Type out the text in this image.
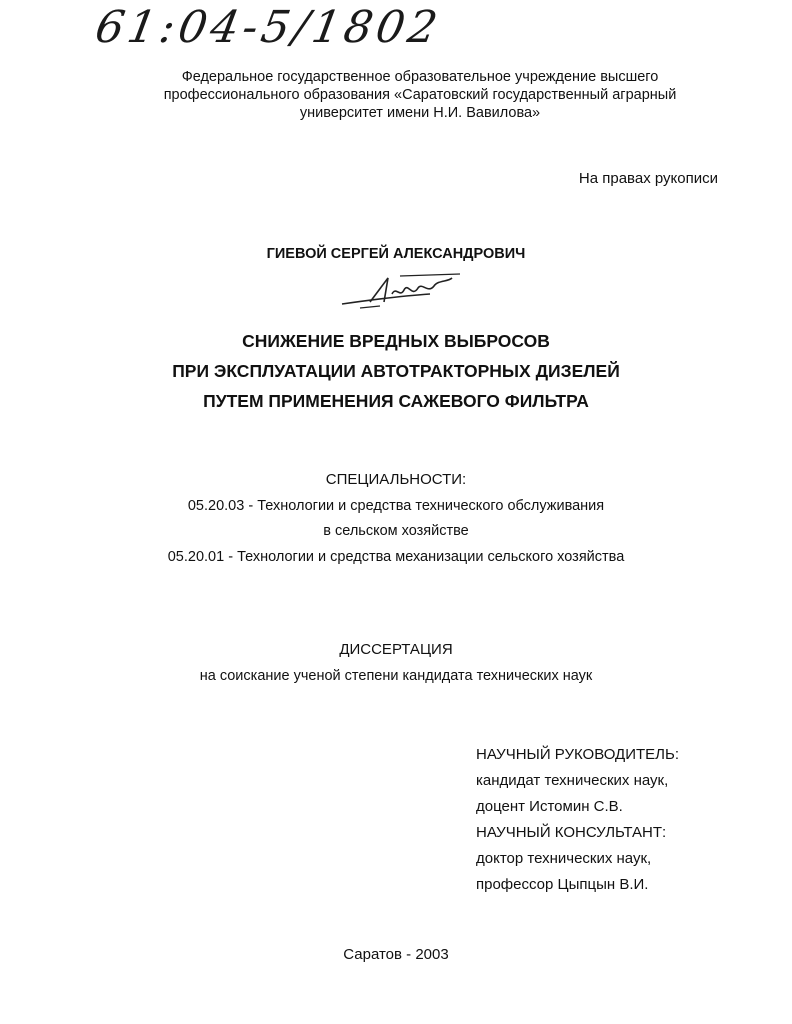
61:04-5/1802
Федеральное государственное образовательное учреждение высшего
профессионального образования «Саратовский государственный аграрный
университет имени Н.И. Вавилова»
На правах рукописи
ГИЕВОЙ СЕРГЕЙ АЛЕКСАНДРОВИЧ
СНИЖЕНИЕ ВРЕДНЫХ ВЫБРОСОВ
ПРИ ЭКСПЛУАТАЦИИ АВТОТРАКТОРНЫХ ДИЗЕЛЕЙ
ПУТЕМ ПРИМЕНЕНИЯ САЖЕВОГО ФИЛЬТРА
СПЕЦИАЛЬНОСТИ:
05.20.03 - Технологии и средства технического обслуживания
в сельском хозяйстве
05.20.01 - Технологии и средства механизации сельского хозяйства
ДИССЕРТАЦИЯ
на соискание ученой степени кандидата технических наук
НАУЧНЫЙ РУКОВОДИТЕЛЬ:
кандидат технических наук,
доцент Истомин С.В.
НАУЧНЫЙ КОНСУЛЬТАНТ:
доктор технических наук,
профессор Цыпцын В.И.
Саратов - 2003
